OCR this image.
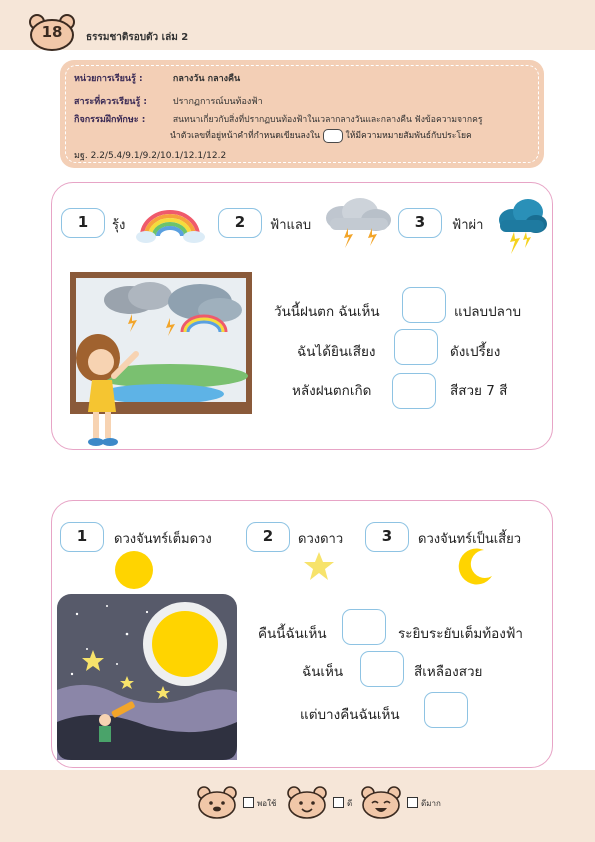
18	ธรรมชาติรอบตัว เล่ม 2
หน่วยการเรียนรู้ :	กลางวัน กลางคืน
สาระที่ควรเรียนรู้ :	ปรากฏการณ์บนท้องฟ้า
กิจกรรมฝึกทักษะ :	สนทนาเกี่ยวกับสิ่งที่ปรากฏบนท้องฟ้าในเวลากลางวันและกลางคืน ฟังข้อความจากครู
นำตัวเลขที่อยู่หน้าคำที่กำหนดเขียนลงใน	ให้มีความหมายสัมพันธ์กับประโยค
มฐ. 2.2/5.4/9.1/9.2/10.1/12.1/12.2
1	รุ้ง	2	ฟ้าแลบ	3	ฟ้าผ่า
วันนี้ฝนตก ฉันเห็น	แปลบปลาบ
ฉันได้ยินเสียง	ดังเปรี้ยง
หลังฝนตกเกิด	สีสวย 7 สี
1	ดวงจันทร์เต็มดวง	2	ดวงดาว	3	ดวงจันทร์เป็นเสี้ยว
คืนนี้ฉันเห็น	ระยิบระยับเต็มท้องฟ้า
ฉันเห็น	สีเหลืองสวย
แต่บางคืนฉันเห็น
พอใช้	ดี	ดีมาก
